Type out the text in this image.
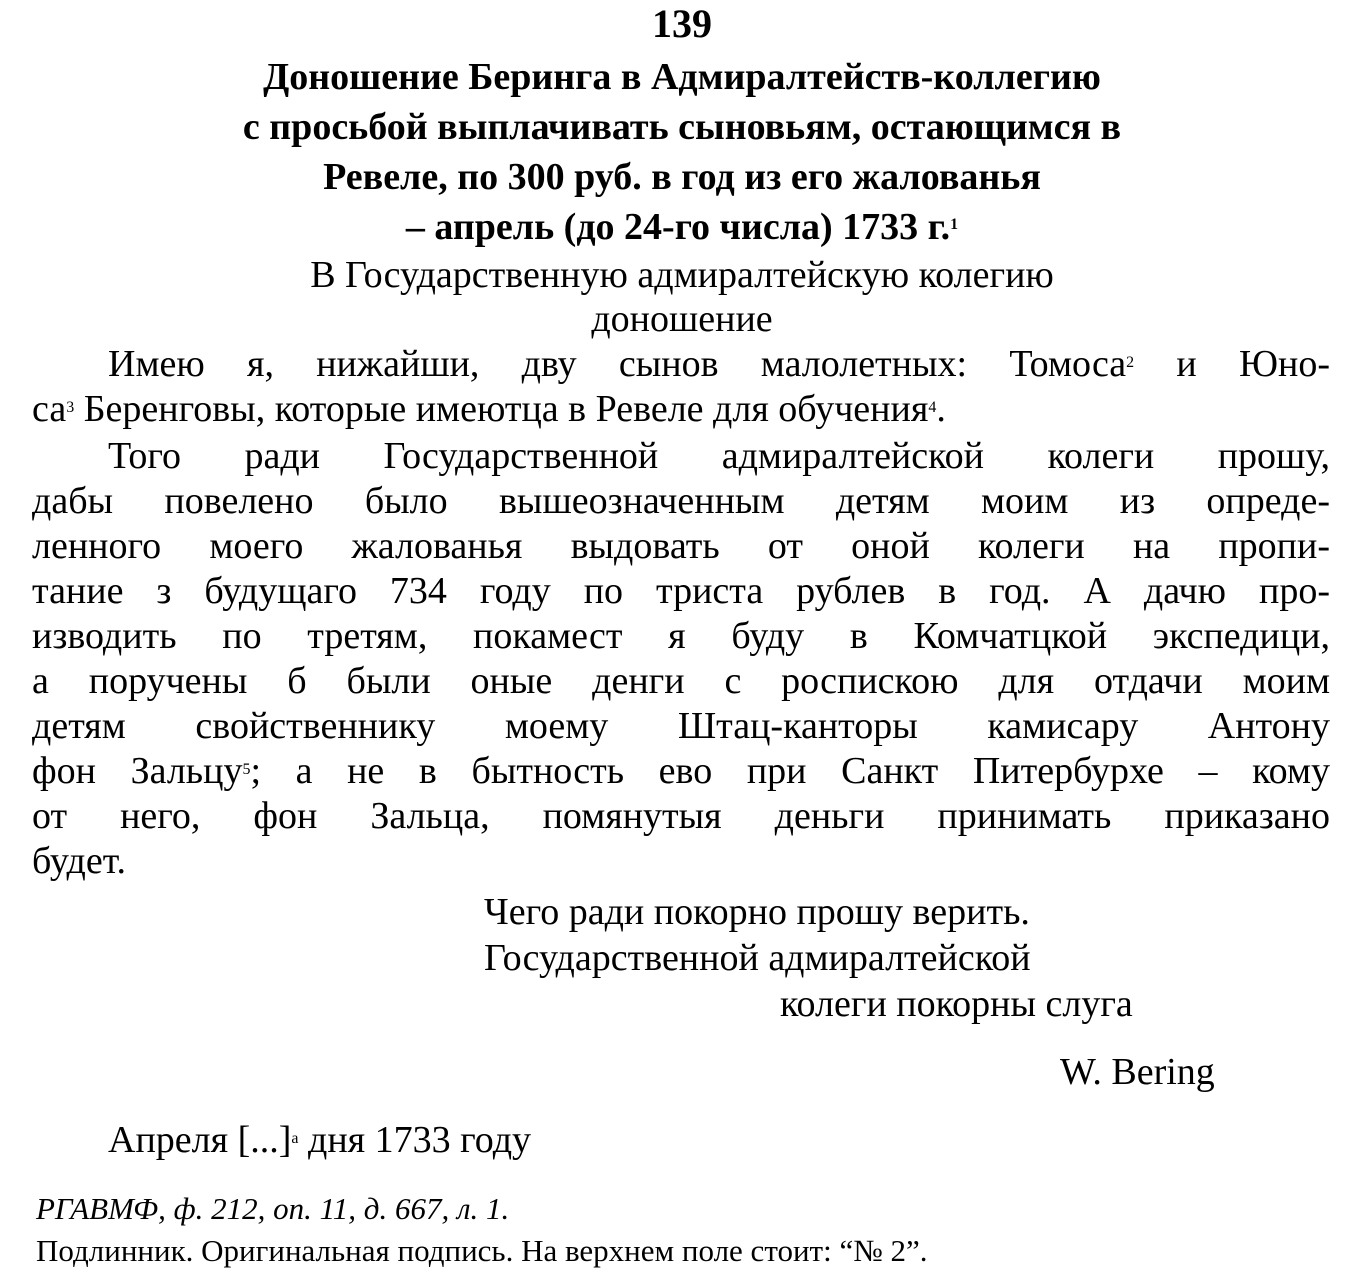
139
Доношение Беринга в Адмиралтейств-коллегию
с просьбой выплачивать сыновьям, остающимся в
Ревеле, по 300 руб. в год из его жалованья
– апрель (до 24-го числа) 1733 г.$^1$
В Государственную адмиралтейскую колегию
доношение
Имею я, нижайши, дву сынов малолетных: Томоса$^2$ и Юно-
$са^3$ Беренговы, которые имеютца в Ревеле для обучения$^4$.
Того ради Государственной адмиралтейской колеги прошу,
дабы повелено было вышеозначенным детям моим из опреде-
ленного моего жалованья выдовать от оной колеги на пропи-
тание з будущаго 734 году по триста рублев в год. А дачю про-
изводить по третям, покамест я буду в Комчатцкой экспедици,
а поручены б были оные денги с роспискою для отдачи моим
детям свойственнику моему Штац-канторы камисару Антону
фон Зальцу$^5$; а не в бытность ево при Санкт Питербурхе – кому
от него, фон Зальца, помянутыя деньги принимать приказано
будет.
Чего ради покорно прошу верить.
Государственной адмиралтейской
колеги покорны слуга
W. Bering
Апреля [...]$^а$ дня 1733 году
РГАВМФ, ф. 212, оп. 11, д. 667, л. 1.
Подлинник. Оригинальная подпись. На верхнем поле стоит: “№ 2”.
